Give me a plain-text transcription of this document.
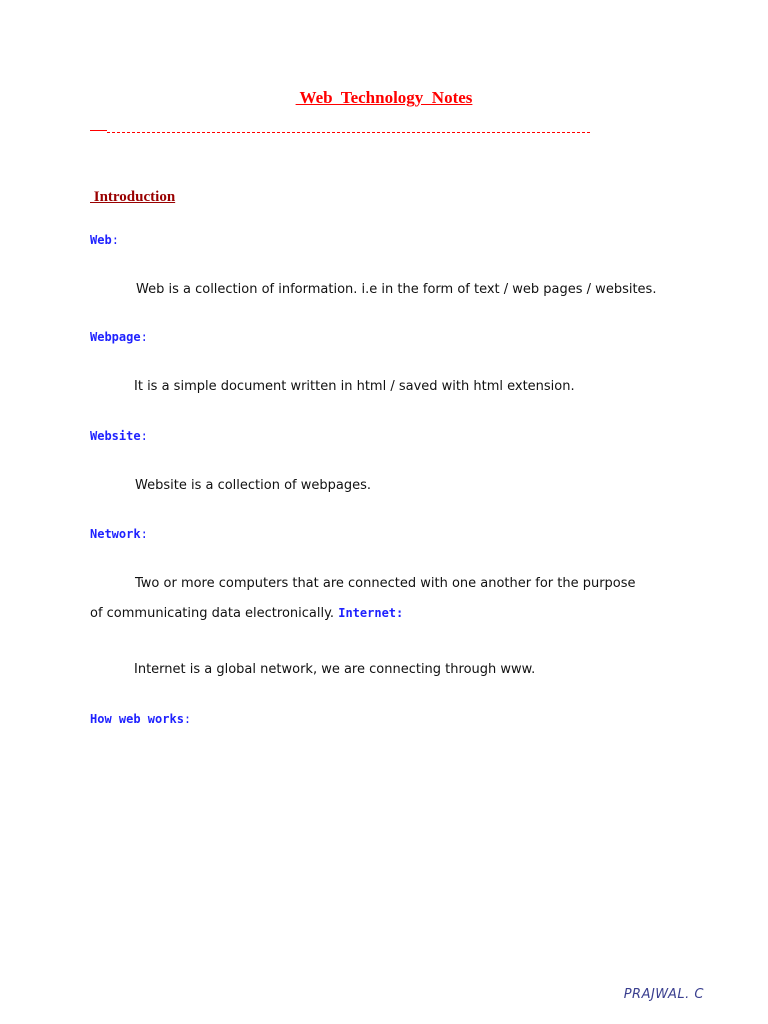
Web  Technology  Notes
Introduction
Web:
Web is a collection of information. i.e in the form of text / web pages / websites.
Webpage:
It is a simple document written in html / saved with html extension.
Website:
Website is a collection of webpages.
Network:
Two or more computers that are connected with one another for the purpose
of communicating data electronically. Internet:
Internet is a global network, we are connecting through www.
How web works:
PRAJWAL. C
